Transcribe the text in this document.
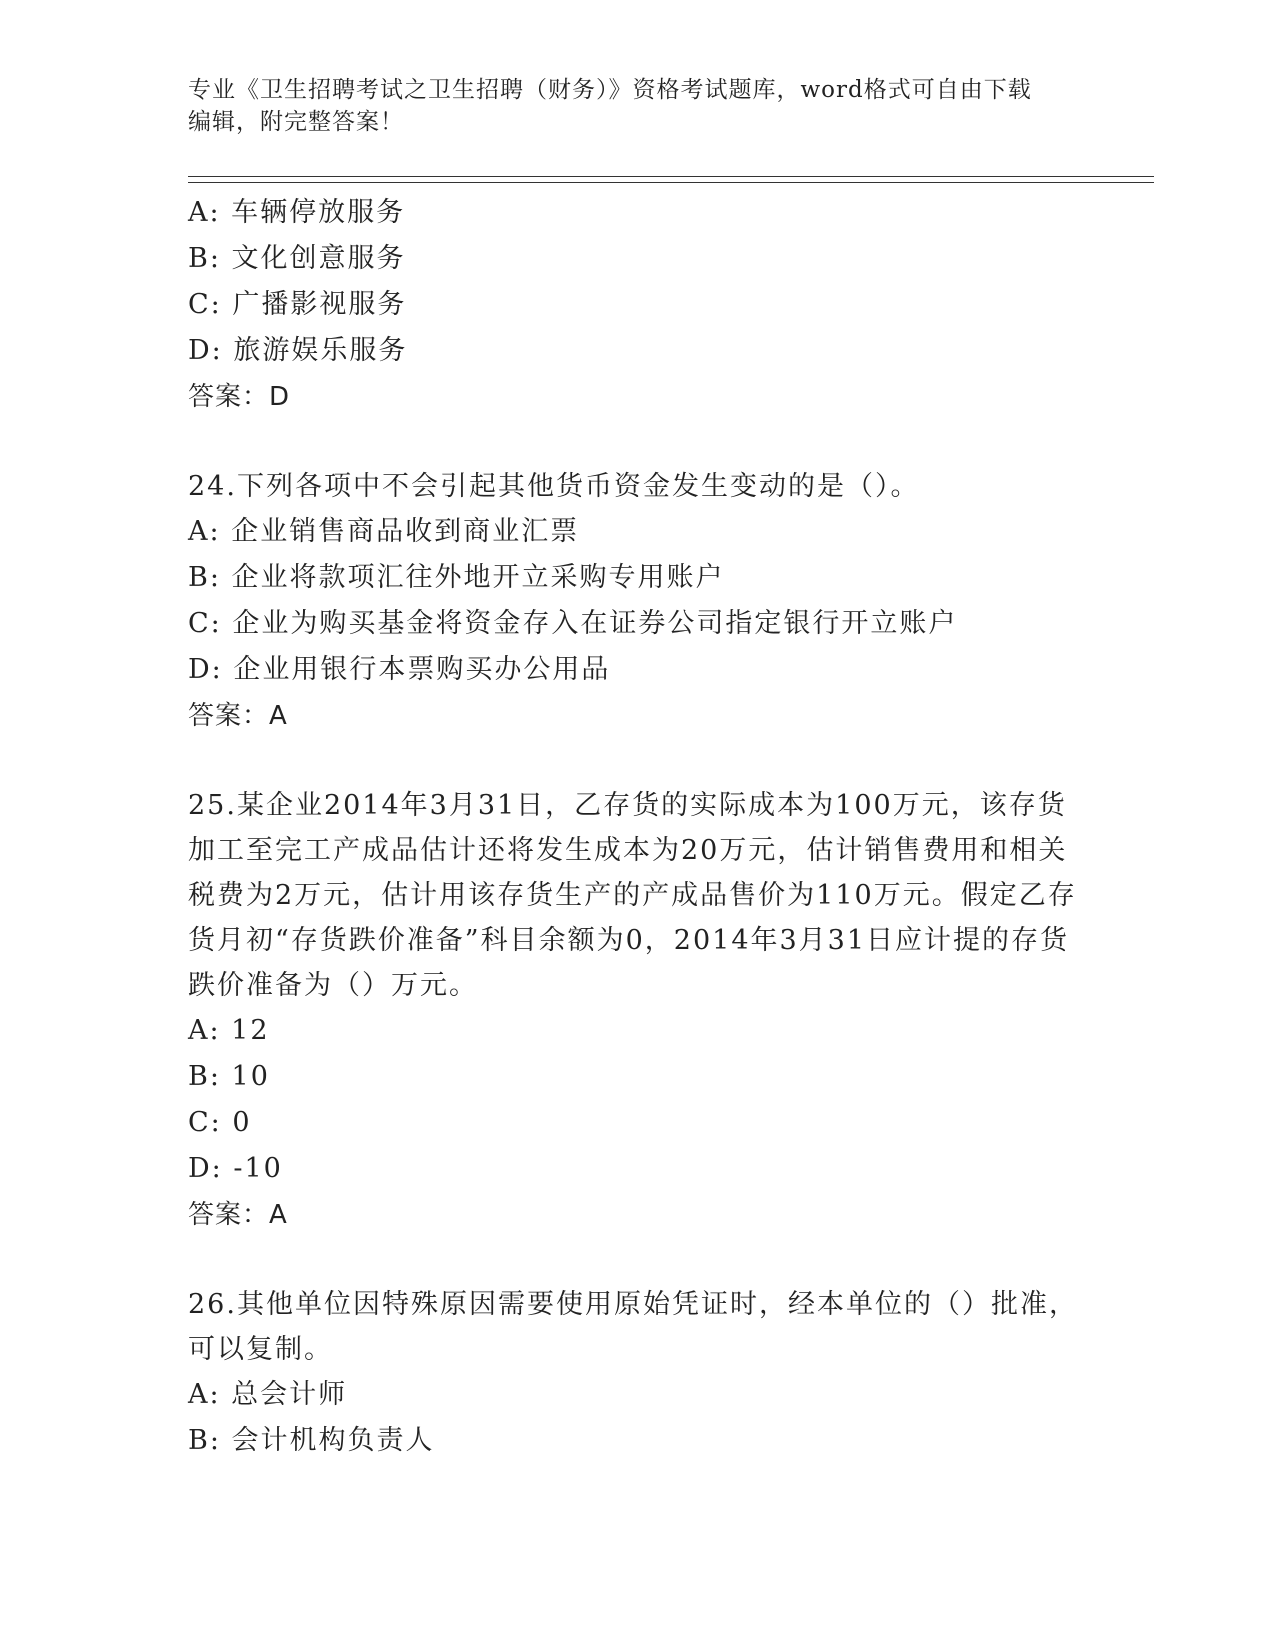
专业《卫生招聘考试之卫生招聘（财务）》资格考试题库，word格式可自由下载
编辑，附完整答案！
A: 车辆停放服务
B: 文化创意服务
C: 广播影视服务
D: 旅游娱乐服务
答案：D
24.下列各项中不会引起其他货币资金发生变动的是（）。
A: 企业销售商品收到商业汇票
B: 企业将款项汇往外地开立采购专用账户
C: 企业为购买基金将资金存入在证券公司指定银行开立账户
D: 企业用银行本票购买办公用品
答案：A
25.某企业2014年3月31日，乙存货的实际成本为100万元，该存货加工至完工产成品估计还将发生成本为20万元，估计销售费用和相关税费为2万元，估计用该存货生产的产成品售价为110万元。假定乙存货月初“存货跌价准备”科目余额为0，2014年3月31日应计提的存货跌价准备为（）万元。
A: 12
B: 10
C: 0
D: -10
答案：A
26.其他单位因特殊原因需要使用原始凭证时，经本单位的（）批准，可以复制。
A: 总会计师
B: 会计机构负责人
